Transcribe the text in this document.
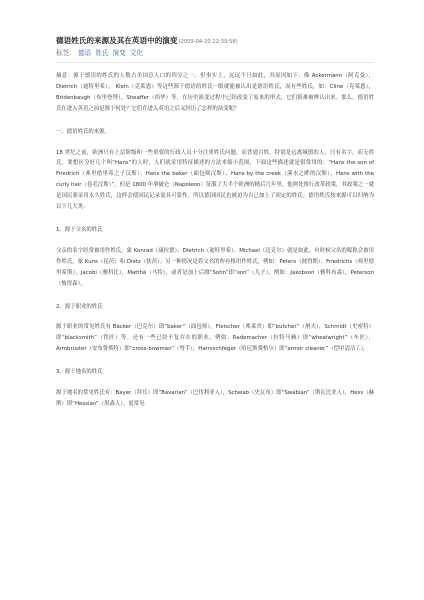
德语姓氏的来源及其在英语中的演变(2009-04-20 22:39:58)
标签： 德语 姓氏 演变 文化

摘意：源于德语的姓氏的人数占美国总人口的四分之一。但事实上，远远不只如此，其原因如下：像 Ackermann（阿克曼）， Dietrich（迪特里希）， Klein（克莱恩）等这些源于德语的姓氏一眼就能被认出是德语姓氏，而有些姓氏，如：Cline（克莱恩），Bridenbaugh（布里登博），Sheaffer（西华）等，在历史演变过程中已经改变了原来的形式，它们很难被辨认出来。那么，德语姓氏在进入英语之前是源于何处？它们在进入英语之后又经历了怎样的演变呢？

一、德语姓氏的来源。

18 世纪之前，欧洲只有上层阶级和一些重要的行政人员十分注重姓氏问题，而普通百姓，特别是远离城镇的人，只有名字，而无姓氏。要想区分好几个叫“Hans”的人时，人们就采用特征描述的方法来缩小范围，下面这些描述就是很常用的：“Hans the son of Friedrich（弗里德里希之子汉斯）、Hans the baker（面包师汉斯）、Hans by the creek（溪水之畔的汉斯）、Hans with the curly hair（卷毛汉斯）”。但是 1800 年拿破仑（Napoleon）征服了大半个欧洲的精后几年里，他则处推行改革政策，其政策之一就是国民要采用永久姓氏，这样会使国民记录更具可靠性。所以德国国民也被迫为自己加上了固定的姓氏。德语姓氏按来源可以归纳为以下几大类：

1．源于父名的姓氏

父亲的名字经常被用作姓氏，象 Konrad（康拉德）、Dietrich（迪特里希）、Michael（迈克尔）就是如此。有时候父名的昵称会被用作姓氏，象 Kuns（昆茨）和 Dietz（狄茨）。另一种情况是将父名的所有格用作姓氏，例如：Peters（彼得斯）、Friedrichs（弗里德里希斯），Jacobi（雅科比），Matthä（马特），或者是加上后缀“Sohn”即“son”（儿子），例如：Jakobson（雅科布森），Peterson（彼得森）。

2．源于职业的姓氏

源于职业的常见姓氏有 Bäcker（巴克尔）即“baker”（面包师），Fleischer（弗莱舍）即“butcher”（屠夫），Schmidt（史密特）即“blacksmith”（铁匠）等。还有一些已经不复存在的职业，例如：Rademacher（拉特马赫）即“wheelwright”（车匠），Armbruster（安布鲁斯特）即“cross-bowman”（弩手），Harnischfeger（哈尼斯费格尔）即“armor cleaner”（铠甲清洁工）。

3．源于地名的姓氏

源于地名的常见姓氏有：Bayer（拜耳）即“Bavarian”（巴伐利亚人），Schwab（史瓦布）即“Swabian”（斯瓦比亚人），Hess（赫斯）即“Hessian”（黑森人）。更常见
